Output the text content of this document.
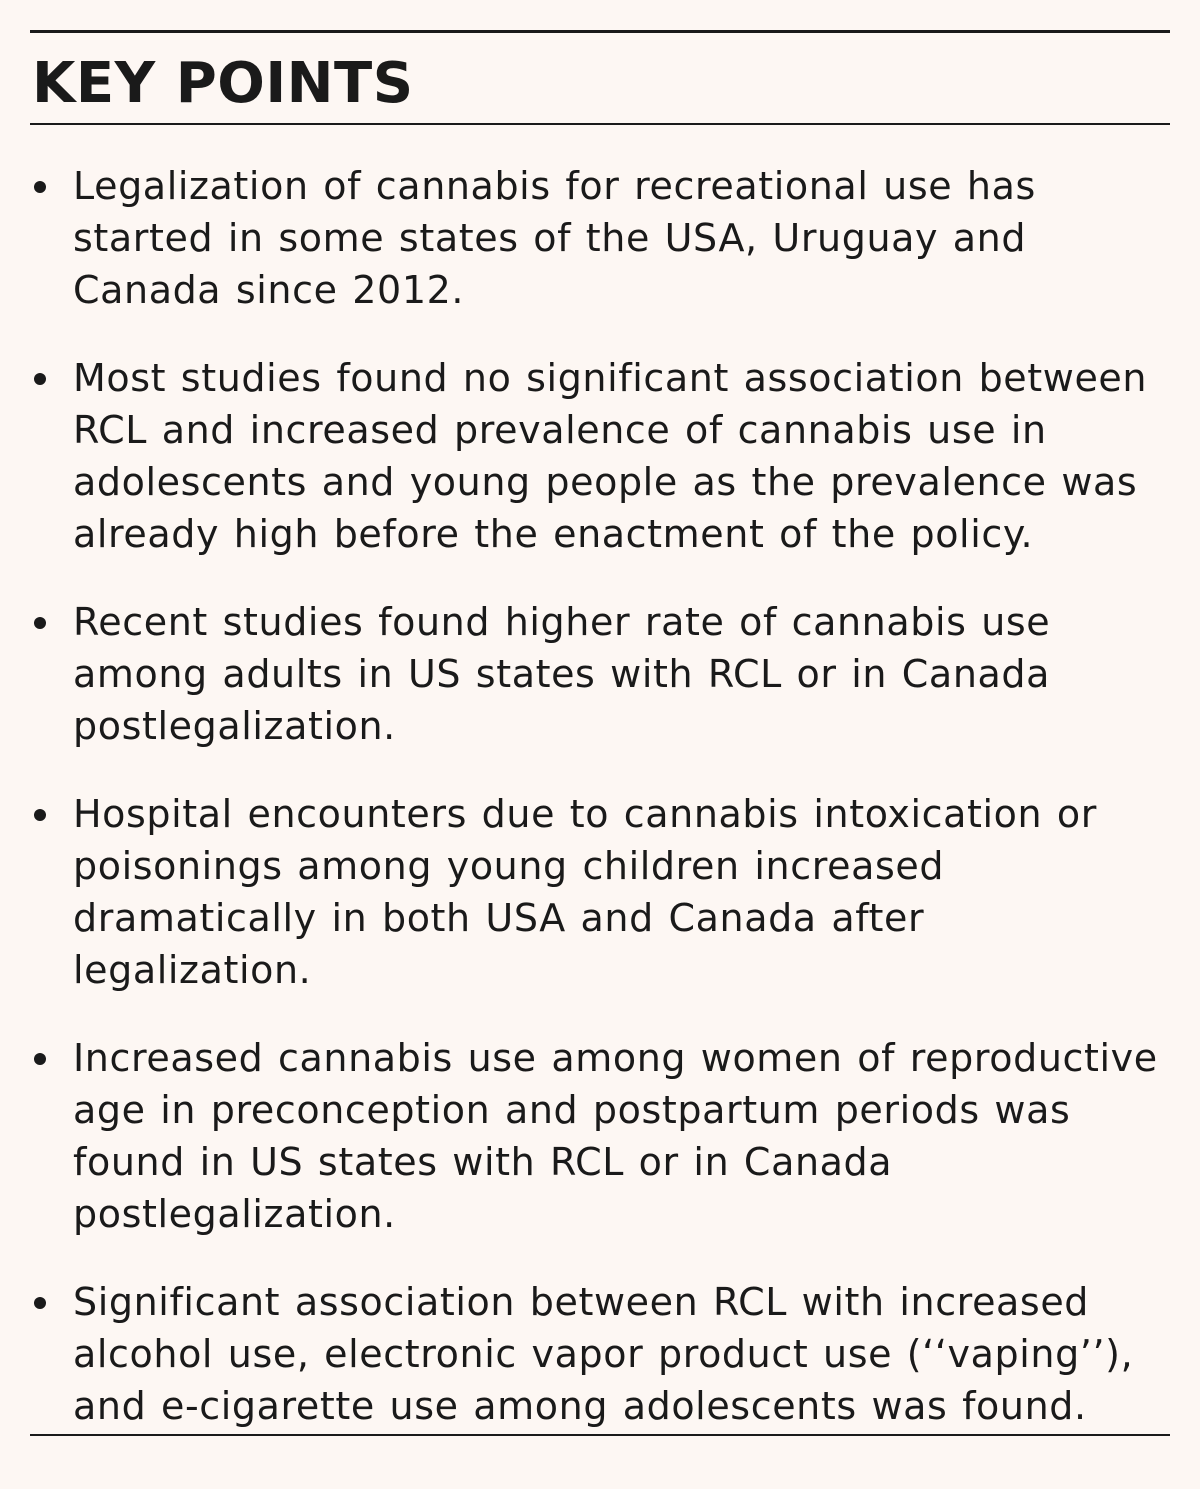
KEY POINTS
Legalization of cannabis for recreational use has started in some states of the USA, Uruguay and Canada since 2012.
Most studies found no significant association between RCL and increased prevalence of cannabis use in adolescents and young people as the prevalence was already high before the enactment of the policy.
Recent studies found higher rate of cannabis use among adults in US states with RCL or in Canada postlegalization.
Hospital encounters due to cannabis intoxication or poisonings among young children increased dramatically in both USA and Canada after legalization.
Increased cannabis use among women of reproductive age in preconception and postpartum periods was found in US states with RCL or in Canada postlegalization.
Significant association between RCL with increased alcohol use, electronic vapor product use (‘‘vaping’’), and e-cigarette use among adolescents was found.
